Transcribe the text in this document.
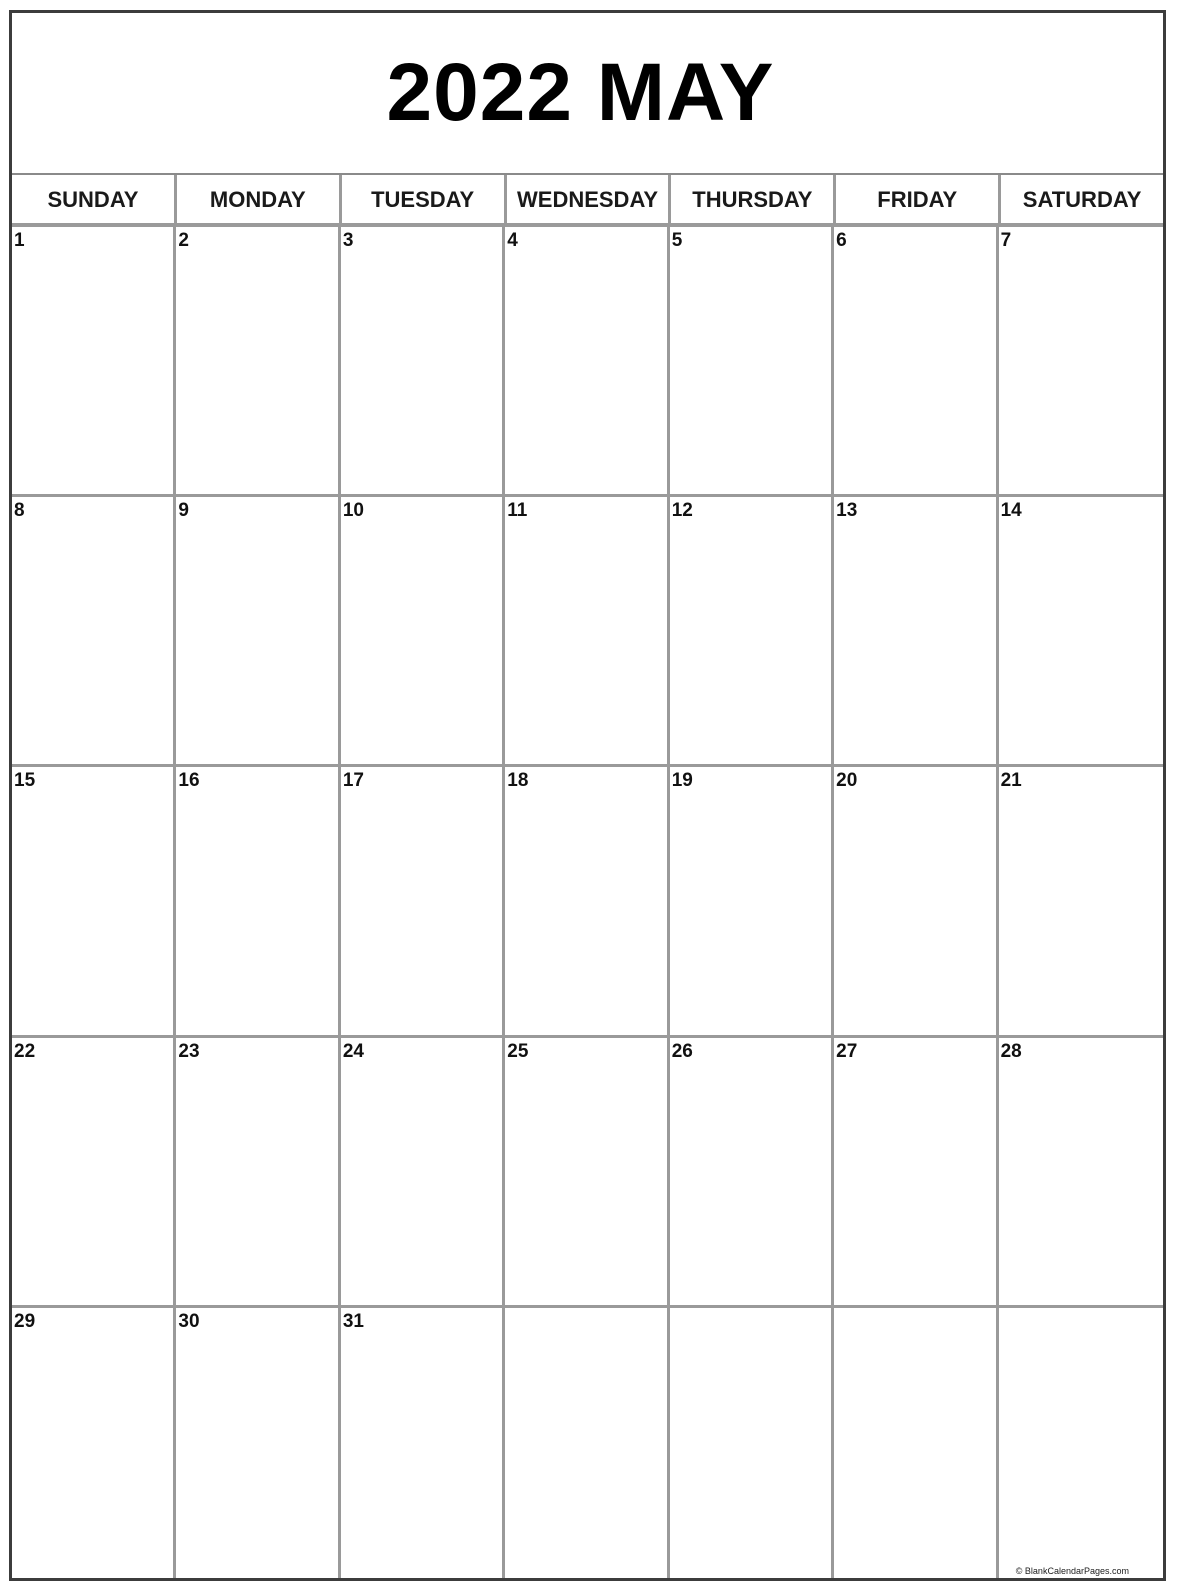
2022 MAY
SUNDAY	MONDAY	TUESDAY	WEDNESDAY	THURSDAY	FRIDAY	SATURDAY
1	2	3	4	5	6	7
8	9	10	11	12	13	14
15	16	17	18	19	20	21
22	23	24	25	26	27	28
29	30	31
© BlankCalendarPages.com
